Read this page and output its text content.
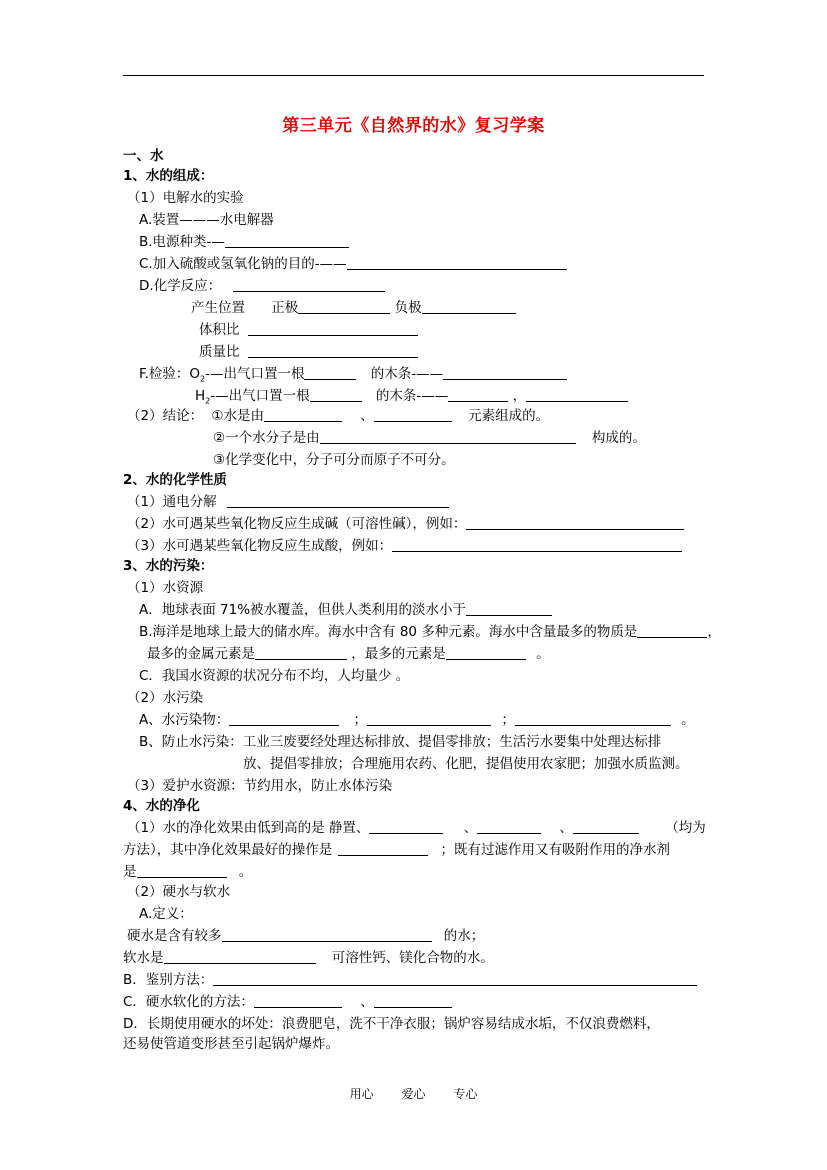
第三单元《自然界的水》复习学案
一、水
1、水的组成：
（1）电解水的实验
A.装置———水电解器
B.电源种类-—
C.加入硫酸或氢氧化钠的目的-——
D.化学反应：
产生位置 正极	负极
体积比
质量比
F.检验：$O_2-—$出气口置一根	的木条-——
$H_2-—$出气口置一根	的木条-——	，
（2）结论： ①水是由	、	元素组成的。
②一个水分子是由	构成的。
③化学变化中，分子可分而原子不可分。
2、水的化学性质
（1）通电分解
（2）水可遇某些氧化物反应生成碱（可溶性碱），例如：
（3）水可遇某些氧化物反应生成酸，例如：
3、水的污染：
（1）水资源
A．地球表面 71%被水覆盖，但供人类利用的淡水小于
B.海洋是地球上最大的储水库。海水中含有 80 多种元素。海水中含量最多的物质是	，
最多的金属元素是	，最多的元素是	。
C．我国水资源的状况分布不均，人均量少 。
（2）水污染
A、水污染物：	；	；	。
B、防止水污染：工业三废要经处理达标排放、提倡零排放；生活污水要集中处理达标排
放、提倡零排放；合理施用农药、化肥，提倡使用农家肥；加强水质监测。
（3）爱护水资源：节约用水，防止水体污染
4、水的净化
（1）水的净化效果由低到高的是 静置、	、	、	（均为
方法），其中净化效果最好的操作是	；既有过滤作用又有吸附作用的净水剂
是	。
（2）硬水与软水
A.定义：
硬水是含有较多	的水；
软水是	可溶性钙、镁化合物的水。
B．鉴别方法：
C．硬水软化的方法：	、
D．长期使用硬水的坏处：浪费肥皂，洗不干净衣服；锅炉容易结成水垢，不仅浪费燃料，
还易使管道变形甚至引起锅炉爆炸。
用心 爱心 专心
